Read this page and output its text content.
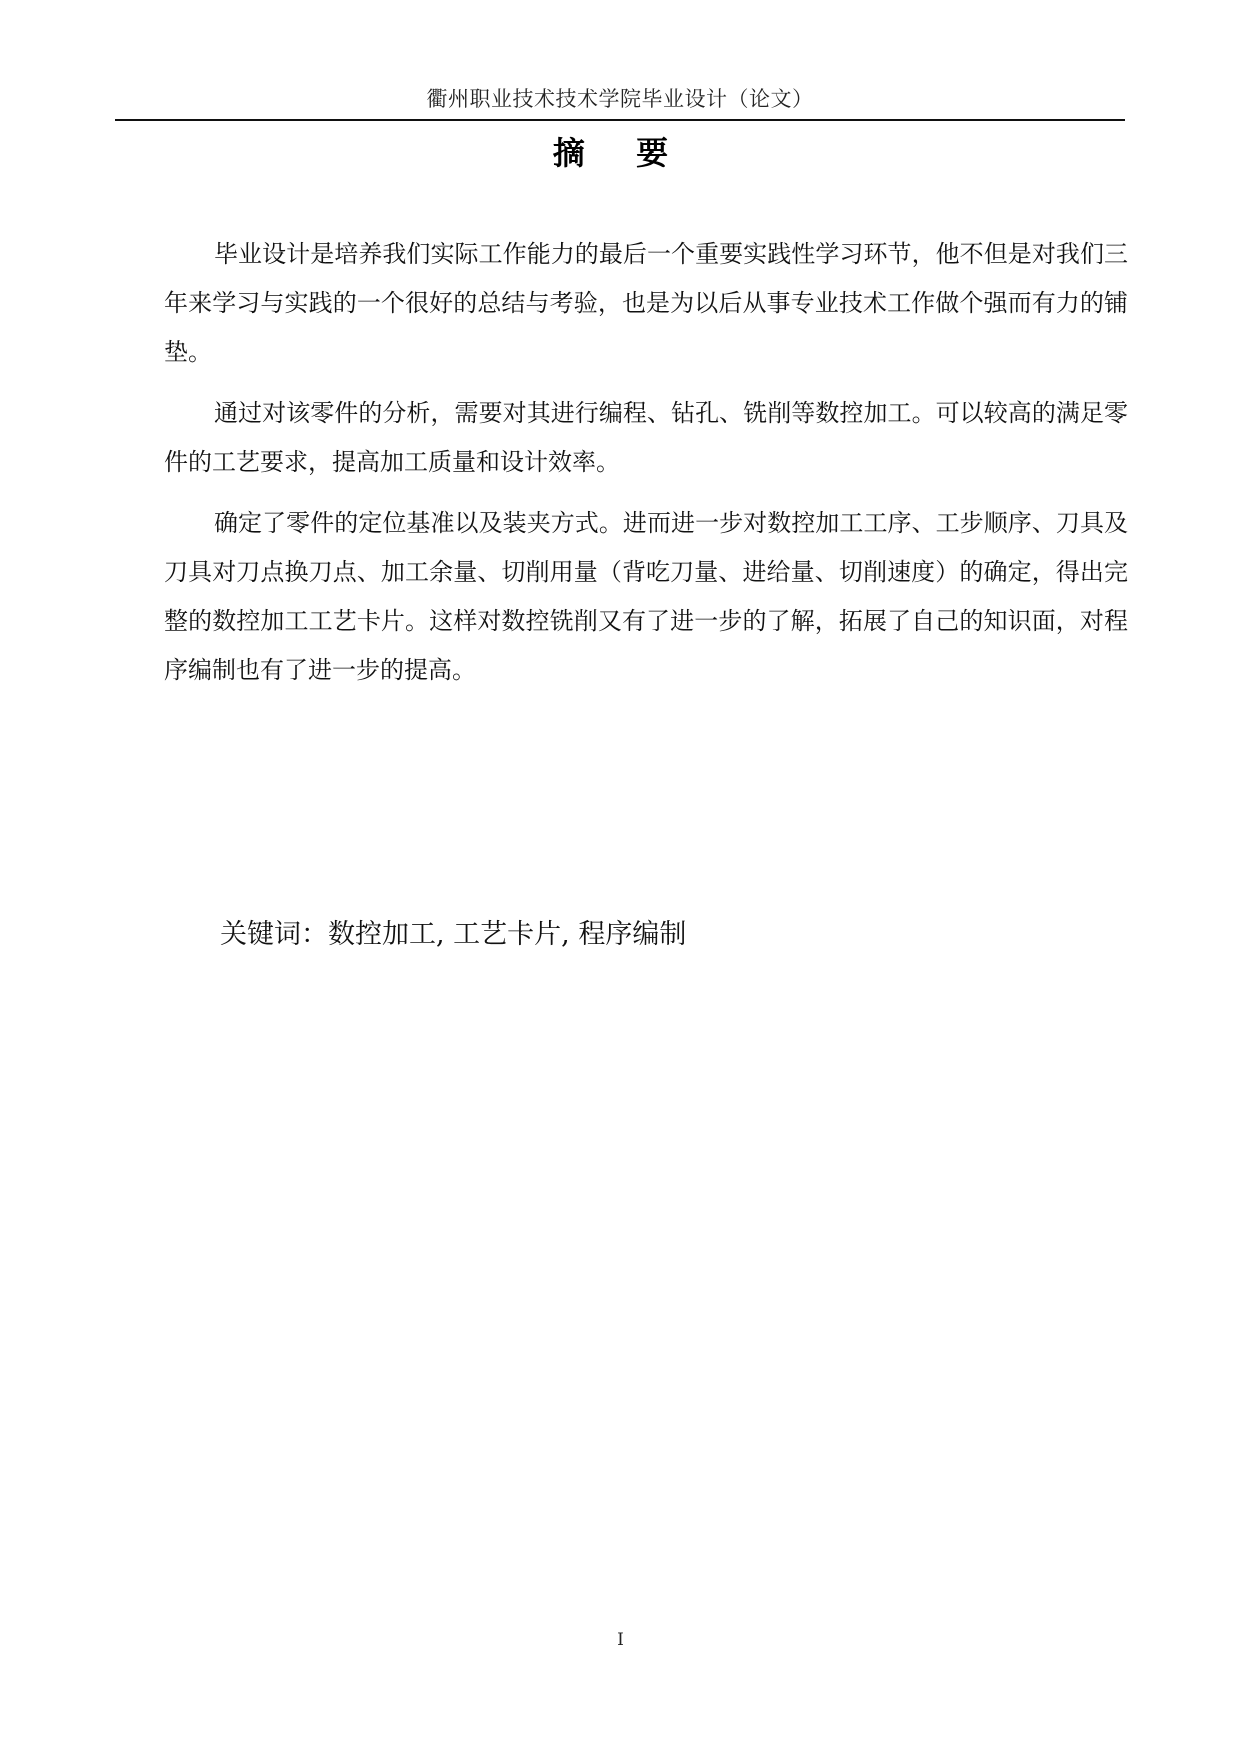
衢州职业技术技术学院毕业设计（论文）
摘 要

毕业设计是培养我们实际工作能力的最后一个重要实践性学习环节，他不但是对我们三年来学习与实践的一个很好的总结与考验，也是为以后从事专业技术工作做个强而有力的铺垫。

通过对该零件的分析，需要对其进行编程、钻孔、铣削等数控加工。可以较高的满足零件的工艺要求，提高加工质量和设计效率。

确定了零件的定位基准以及装夹方式。进而进一步对数控加工工序、工步顺序、刀具及刀具对刀点换刀点、加工余量、切削用量（背吃刀量、进给量、切削速度）的确定，得出完整的数控加工工艺卡片。这样对数控铣削又有了进一步的了解，拓展了自己的知识面，对程序编制也有了进一步的提高。

关键词：数控加工, 工艺卡片, 程序编制
I
